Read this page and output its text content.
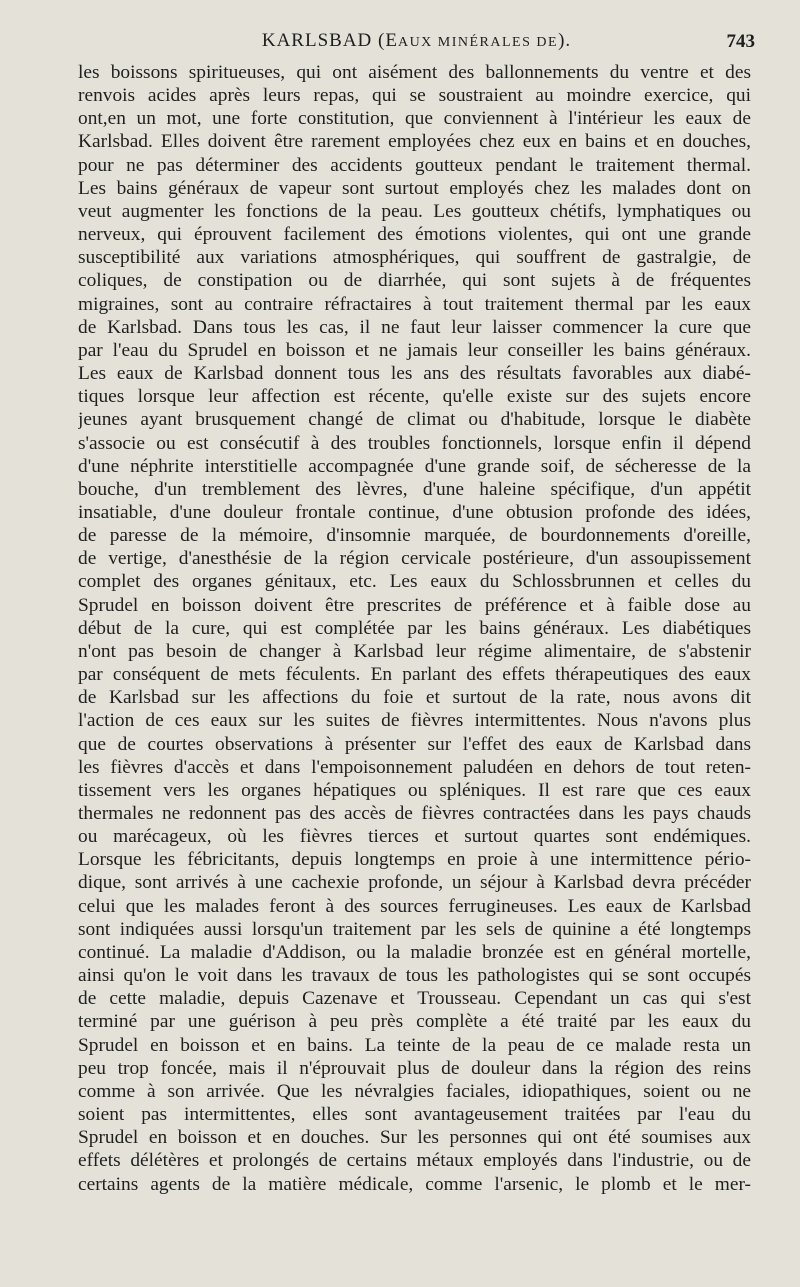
KARLSBAD (EAUX MINÉRALES DE).	743
les boissons spiritueuses, qui ont aisément des ballonnements du ventre et des
renvois acides après leurs repas, qui se soustraient au moindre exercice, qui
ont,en un mot, une forte constitution, que conviennent à l'intérieur les eaux de
Karlsbad. Elles doivent être rarement employées chez eux en bains et en douches,
pour ne pas déterminer des accidents goutteux pendant le traitement thermal.
Les bains généraux de vapeur sont surtout employés chez les malades dont on
veut augmenter les fonctions de la peau. Les goutteux chétifs, lymphatiques ou
nerveux, qui éprouvent facilement des émotions violentes, qui ont une grande
susceptibilité aux variations atmosphériques, qui souffrent de gastralgie, de
coliques, de constipation ou de diarrhée, qui sont sujets à de fréquentes
migraines, sont au contraire réfractaires à tout traitement thermal par les eaux
de Karlsbad. Dans tous les cas, il ne faut leur laisser commencer la cure que
par l'eau du Sprudel en boisson et ne jamais leur conseiller les bains généraux.
Les eaux de Karlsbad donnent tous les ans des résultats favorables aux diabé-
tiques lorsque leur affection est récente, qu'elle existe sur des sujets encore
jeunes ayant brusquement changé de climat ou d'habitude, lorsque le diabète
s'associe ou est consécutif à des troubles fonctionnels, lorsque enfin il dépend
d'une néphrite interstitielle accompagnée d'une grande soif, de sécheresse de la
bouche, d'un tremblement des lèvres, d'une haleine spécifique, d'un appétit
insatiable, d'une douleur frontale continue, d'une obtusion profonde des idées,
de paresse de la mémoire, d'insomnie marquée, de bourdonnements d'oreille,
de vertige, d'anesthésie de la région cervicale postérieure, d'un assoupissement
complet des organes génitaux, etc. Les eaux du Schlossbrunnen et celles du
Sprudel en boisson doivent être prescrites de préférence et à faible dose au
début de la cure, qui est complétée par les bains généraux. Les diabétiques
n'ont pas besoin de changer à Karlsbad leur régime alimentaire, de s'abstenir
par conséquent de mets féculents. En parlant des effets thérapeutiques des eaux
de Karlsbad sur les affections du foie et surtout de la rate, nous avons dit
l'action de ces eaux sur les suites de fièvres intermittentes. Nous n'avons plus
que de courtes observations à présenter sur l'effet des eaux de Karlsbad dans
les fièvres d'accès et dans l'empoisonnement paludéen en dehors de tout reten-
tissement vers les organes hépatiques ou spléniques. Il est rare que ces eaux
thermales ne redonnent pas des accès de fièvres contractées dans les pays chauds
ou marécageux, où les fièvres tierces et surtout quartes sont endémiques.
Lorsque les fébricitants, depuis longtemps en proie à une intermittence pério-
dique, sont arrivés à une cachexie profonde, un séjour à Karlsbad devra précéder
celui que les malades feront à des sources ferrugineuses. Les eaux de Karlsbad
sont indiquées aussi lorsqu'un traitement par les sels de quinine a été longtemps
continué. La maladie d'Addison, ou la maladie bronzée est en général mortelle,
ainsi qu'on le voit dans les travaux de tous les pathologistes qui se sont occupés
de cette maladie, depuis Cazenave et Trousseau. Cependant un cas qui s'est
terminé par une guérison à peu près complète a été traité par les eaux du
Sprudel en boisson et en bains. La teinte de la peau de ce malade resta un
peu trop foncée, mais il n'éprouvait plus de douleur dans la région des reins
comme à son arrivée. Que les névralgies faciales, idiopathiques, soient ou ne
soient pas intermittentes, elles sont avantageusement traitées par l'eau du
Sprudel en boisson et en douches. Sur les personnes qui ont été soumises aux
effets délétères et prolongés de certains métaux employés dans l'industrie, ou de
certains agents de la matière médicale, comme l'arsenic, le plomb et le mer-
